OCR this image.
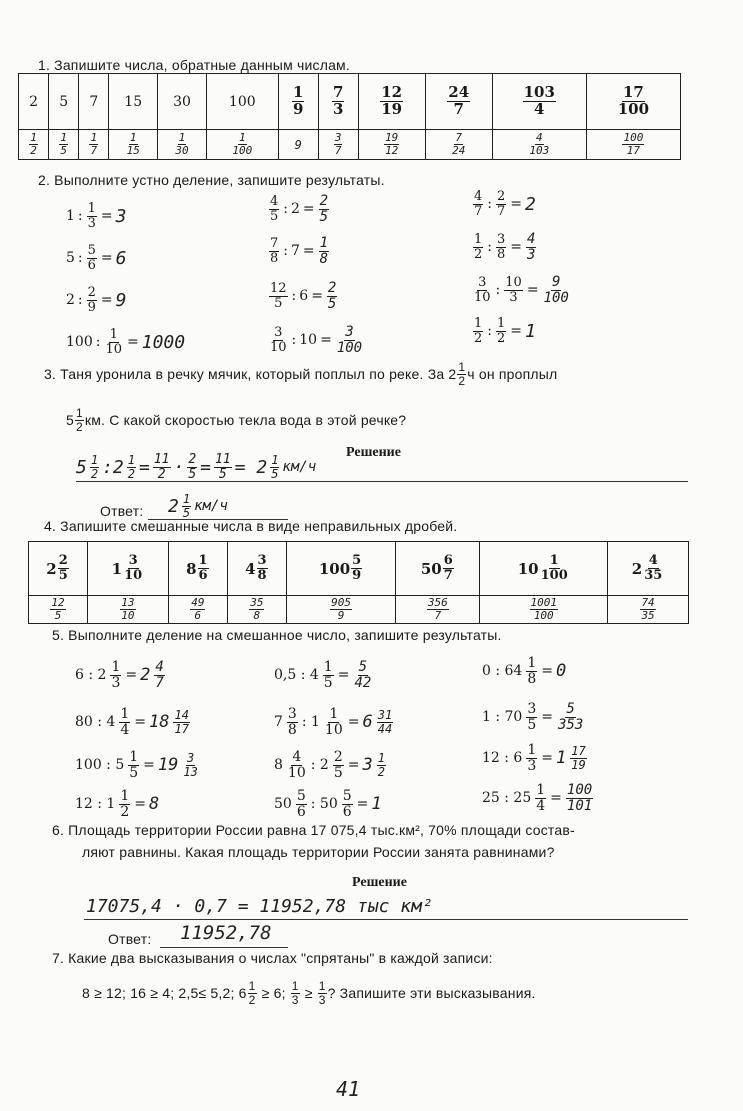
1. Запишите числа, обратные данным числам.
2	5	7	15	30	100	$\frac{1}{9}$	$\frac{7}{3}$	$\frac{12}{19}$	$\frac{24}{7}$	$\frac{103}{4}$	$\frac{17}{100}$

$\frac{1}{2}$	$\frac{1}{5}$	$\frac{1}{7}$	$\frac{1}{15}$	$\frac{1}{30}$	$\frac{1}{100}$	9	$\frac{3}{7}$	$\frac{19}{12}$	$\frac{7}{24}$	$\frac{4}{103}$	$\frac{100}{17}$
2. Выполните устно деление, запишите результаты.
1 : $\frac{1}{3} = 3$
5 : $\frac{5}{6} = 6$
2 : $\frac{2}{9} = 9$
100 : $\frac{1}{10} = 1000$
$\frac{4}{5}$ : $2 = \frac{2}{5}$
$\frac{7}{8}$ : $7 = \frac{1}{8}$
$\frac{12}{5}$ : $6 = \frac{2}{5}$
$\frac{3}{10}$ : $10 = \frac{3}{100}$
$\frac{4}{7}$ : $\frac{2}{7} = 2$
$\frac{1}{2}$ : $\frac{3}{8} = \frac{4}{3}$
$\frac{3}{10}$ : $\frac{10}{3} = \frac{9}{100}$
$\frac{1}{2}$ : $\frac{1}{2} = 1$
3. Таня уронила в речку мячик, который поплыл по реке. За $2 \frac{1}{2}$ ч он проплыл
$5 \frac{1}{2}$ км. С какой скоростью текла вода в этой речке?
Решение
$5 \frac{1}{2}$ :2 $\frac{1}{2} = \frac{11}{2} \cdot \frac{2}{5} = \frac{11}{5} = 2 \frac{1}{5} км/ч$
Ответ: $2 \frac{1}{5} км/ч$
4. Запишите смешанные числа в виде неправильных дробей.
$2 \frac{2}{5}$	$1 \frac{3}{10}$	$8 \frac{1}{6}$	$4 \frac{3}{8}$	$100 \frac{5}{9}$	$50 \frac{6}{7}$	$10 \frac{1}{100}$	$2 \frac{4}{35}$

$\frac{12}{5}$	$\frac{13}{10}$	$\frac{49}{6}$	$\frac{35}{8}$	$\frac{905}{9}$	$\frac{356}{7}$	$\frac{1001}{100}$	$\frac{74}{35}$
5. Выполните деление на смешанное число, запишите результаты.
6 : $2 \frac{1}{3} = 2 \frac{4}{7}$
80 : $4 \frac{1}{4} = 18 \frac{14}{17}$
100 : $5 \frac{1}{5} = 19 \frac{3}{13}$
12 : $1 \frac{1}{2} = 8$
0,5 : $4 \frac{1}{5} = \frac{5}{42}$
$7 \frac{3}{8}$ : $1 \frac{1}{10} = 6 \frac{31}{44}$
$8 \frac{4}{10}$ : $2 \frac{2}{5} = 3 \frac{1}{2}$
$50 \frac{5}{6}$ : $50 \frac{5}{6} = 1$
0 : $64 \frac{1}{8} = 0$
1 : $70 \frac{3}{5} = \frac{5}{353}$
12 : $6 \frac{1}{3} = 1 \frac{17}{19}$
25 : $25 \frac{1}{4} = \frac{100}{101}$
6. Площадь территории России равна 17 075,4 тыс.км², 70% площади состав-
ляют равнины. Какая площадь территории России занята равнинами?
Решение
17075,4 · 0,7 = 11952,78 тыс км²
Ответ: 11952,78
7. Какие два высказывания о числах "спрятаны" в каждой записи:
8 ≥ 12; 16 ≥ 4; 2,5≤ 5,2; $6 \frac{1}{2} \ge 6$; $\frac{1}{3} \ge \frac{1}{3}$ ? Запишите эти высказывания.
41
